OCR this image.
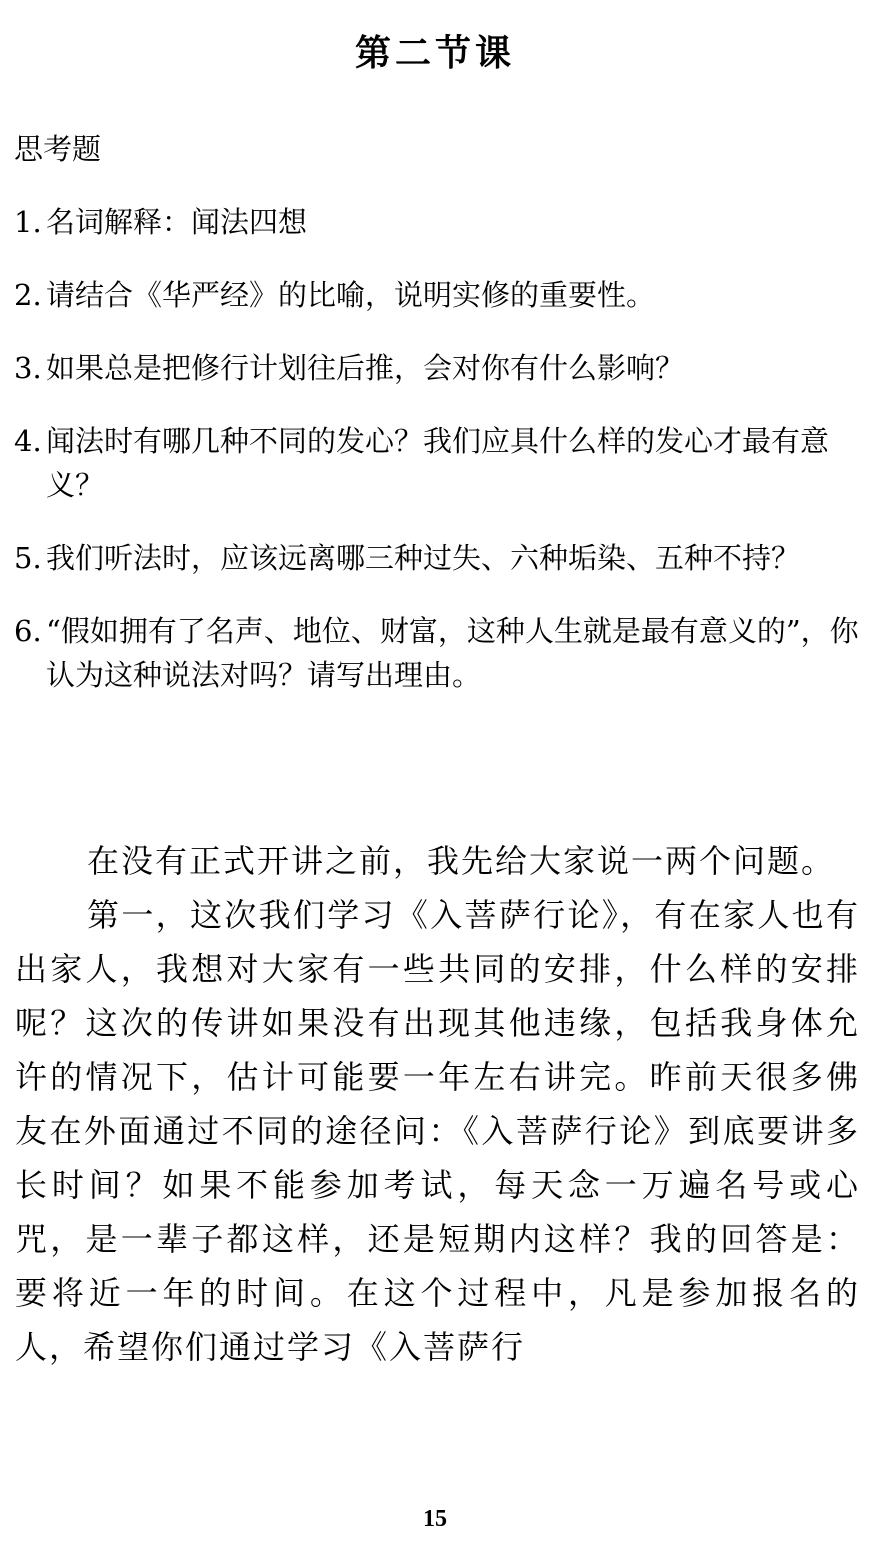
第二节课
思考题
1. 名词解释：闻法四想
2. 请结合《华严经》的比喻，说明实修的重要性。
3. 如果总是把修行计划往后推，会对你有什么影响？
4. 闻法时有哪几种不同的发心？我们应具什么样的发心才最有意义？
5. 我们听法时，应该远离哪三种过失、六种垢染、五种不持？
6. “假如拥有了名声、地位、财富，这种人生就是最有意义的”，你认为这种说法对吗？请写出理由。

在没有正式开讲之前，我先给大家说一两个问题。

第一，这次我们学习《入菩萨行论》，有在家人也有出家人，我想对大家有一些共同的安排，什么样的安排呢？这次的传讲如果没有出现其他违缘，包括我身体允许的情况下，估计可能要一年左右讲完。昨前天很多佛友在外面通过不同的途径问：《入菩萨行论》到底要讲多长时间？如果不能参加考试，每天念一万遍名号或心咒，是一辈子都这样，还是短期内这样？我的回答是：要将近一年的时间。在这个过程中，凡是参加报名的人，希望你们通过学习《入菩萨行

15
